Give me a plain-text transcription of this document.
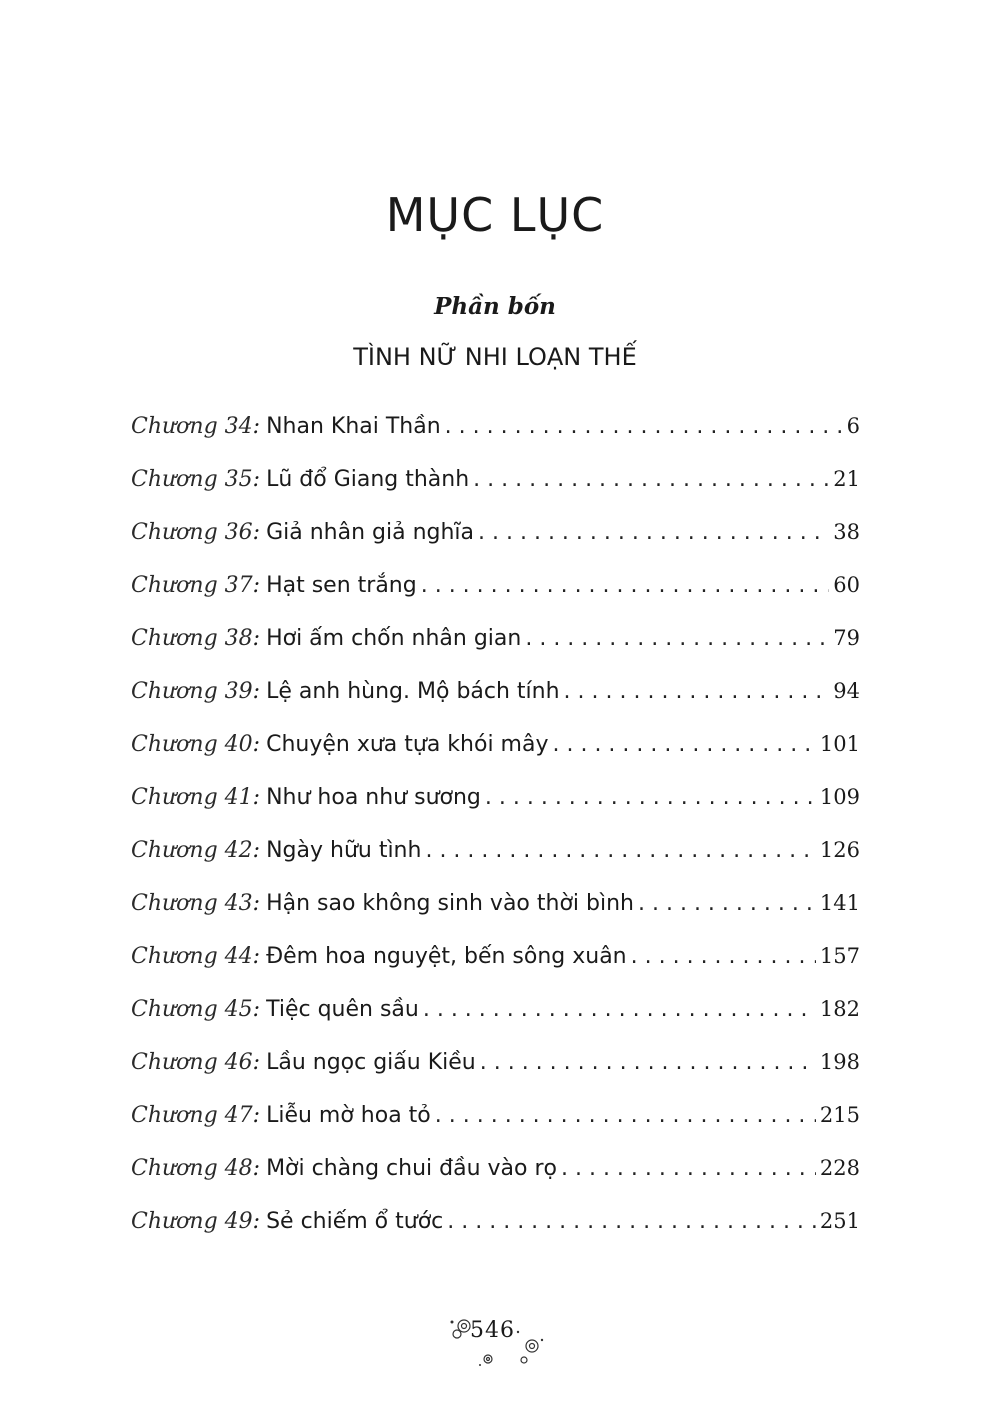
MỤC LỤC
Phần bốn
TÌNH NỮ NHI LOẠN THẾ
Chương 34 : Nhan Khai Thần . . .	6
Chương 35 : Lũ đổ Giang thành . . .	21
Chương 36 : Giả nhân giả nghĩa . . .	38
Chương 37 : Hạt sen trắng . . .	60
Chương 38 : Hơi ấm chốn nhân gian . . .	79
Chương 39 : Lệ anh hùng. Mộ bách tính . . .	94
Chương 40 : Chuyện xưa tựa khói mây . . .	101
Chương 41 : Như hoa như sương . . .	109
Chương 42 : Ngày hữu tình . . .	126
Chương 43 : Hận sao không sinh vào thời bình . . .	141
Chương 44 : Đêm hoa nguyệt, bến sông xuân . . .	157
Chương 45 : Tiệc quên sầu . . .	182
Chương 46 : Lầu ngọc giấu Kiều . . .	198
Chương 47 : Liễu mờ hoa tỏ . . .	215
Chương 48 : Mời chàng chui đầu vào rọ . . .	228
Chương 49 : Sẻ chiếm ổ tước . . .	251
546
